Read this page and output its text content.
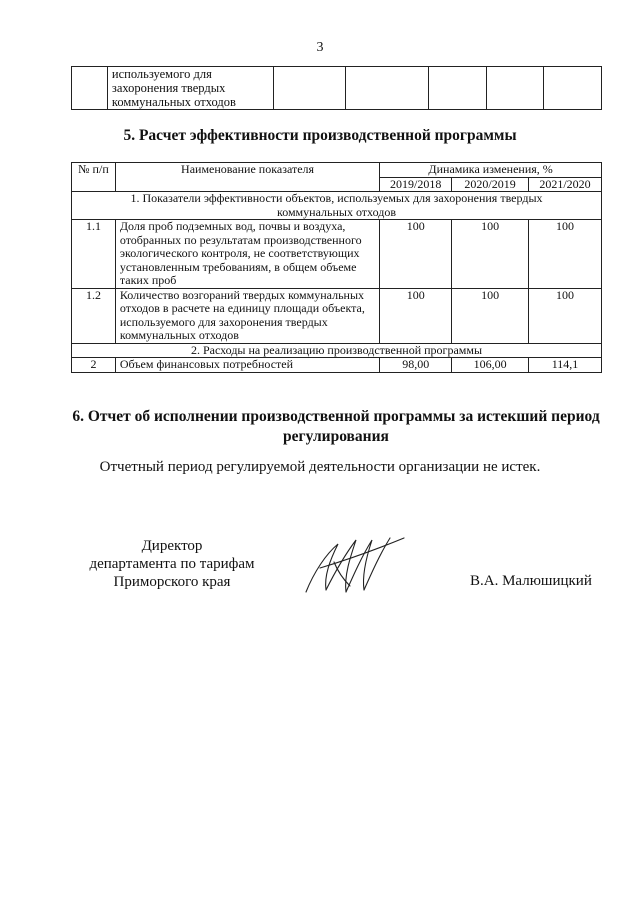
3
	используемого для захоронения твердых коммунальных отходов					
5. Расчет эффективности производственной программы
№ п/п	Наименование показателя	Динамика изменения, %		
		2019/2018	2020/2019	2021/2020
1. Показатели эффективности объектов, используемых для захоронения твердых коммунальных отходов				
1.1	Доля проб подземных вод, почвы и воздуха, отобранных по результатам производственного экологического контроля, не соответствующих установленным требованиям, в общем объеме таких проб	100	100	100
1.2	Количество возгораний твердых коммунальных отходов в расчете на единицу площади объекта, используемого для захоронения твердых коммунальных отходов	100	100	100
2. Расходы на реализацию производственной программы				
2	Объем финансовых потребностей	98,00	106,00	114,1
6. Отчет об исполнении производственной программы за истекший период регулирования
Отчетный период регулируемой деятельности организации не истек.
Директор
департамента по тарифам
Приморского края	В.А. Малюшицкий
